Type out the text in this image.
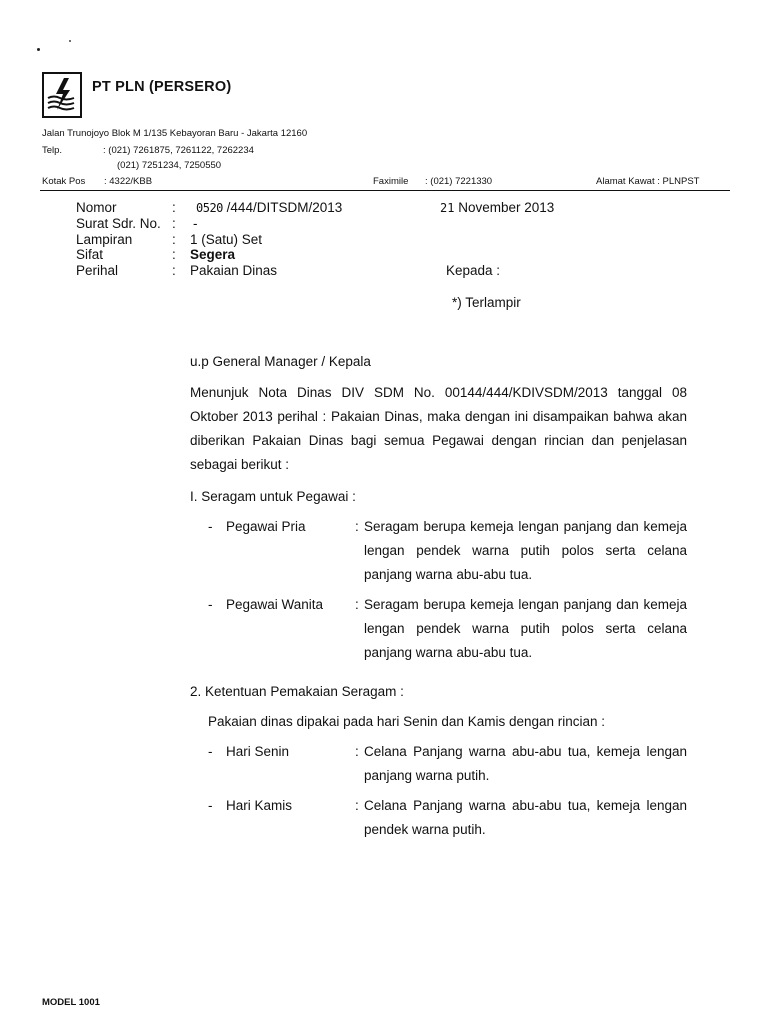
PT PLN (PERSERO)
Jalan Trunojoyo Blok M 1/135 Kebayoran Baru - Jakarta 12160
Telp.	: (021) 7261875, 7261122, 7262234
(021) 7251234, 7250550
Kotak Pos : 4322/KBB	Faximile : (021) 7221330	Alamat Kawat : PLNPST
Nomor	: 0520 /444/DITSDM/2013	21 November 2013
Surat Sdr. No. : -
Lampiran	: 1 (Satu) Set
Sifat	: Segera
Perihal	: Pakaian Dinas	Kepada :
*) Terlampir
u.p General Manager / Kepala
Menunjuk Nota Dinas DIV SDM No. 00144/444/KDIVSDM/2013 tanggal 08 Oktober 2013 perihal : Pakaian Dinas, maka dengan ini disampaikan bahwa akan diberikan Pakaian Dinas bagi semua Pegawai dengan rincian dan penjelasan sebagai berikut :
I. Seragam untuk Pegawai :
- Pegawai Pria	: Seragam berupa kemeja lengan panjang dan kemeja lengan pendek warna putih polos serta celana panjang warna abu-abu tua.
- Pegawai Wanita : Seragam berupa kemeja lengan panjang dan kemeja lengan pendek warna putih polos serta celana panjang warna abu-abu tua.
2. Ketentuan Pemakaian Seragam :
Pakaian dinas dipakai pada hari Senin dan Kamis dengan rincian :
- Hari Senin	: Celana Panjang warna abu-abu tua, kemeja lengan panjang warna putih.
- Hari Kamis	: Celana Panjang warna abu-abu tua, kemeja lengan pendek warna putih.
MODEL 1001
